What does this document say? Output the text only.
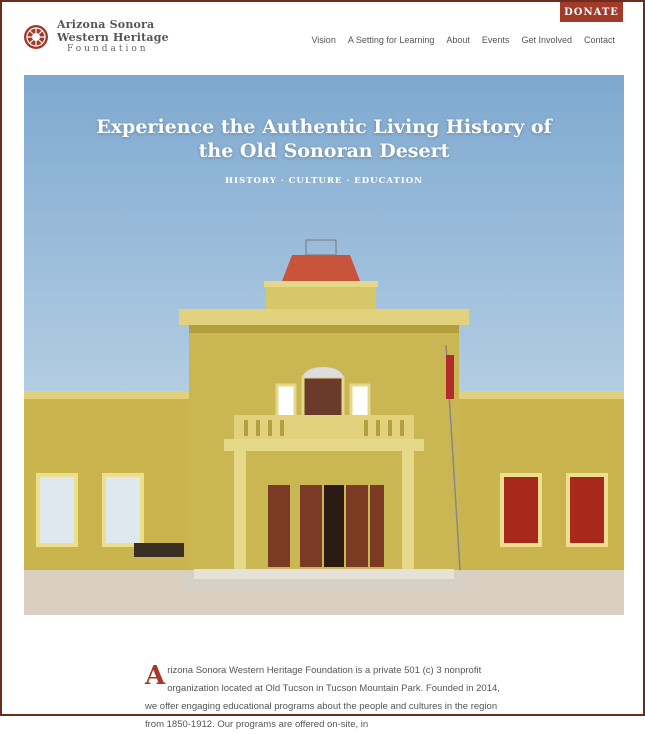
DONATE
Arizona Sonora
Western Heritage
Foundation
Vision A Setting for Learning About Events Get Involved Contact
Experience the Authentic Living History of the Old Sonoran Desert
HISTORY · CULTURE · EDUCATION

Arizona Sonora Western Heritage Foundation is a private 501 (c) 3 nonprofit organization located at Old Tucson in Tucson Mountain Park. Founded in 2014, we offer engaging educational programs about the people and cultures in the region from 1850-1912. Our programs are offered on-site, in
